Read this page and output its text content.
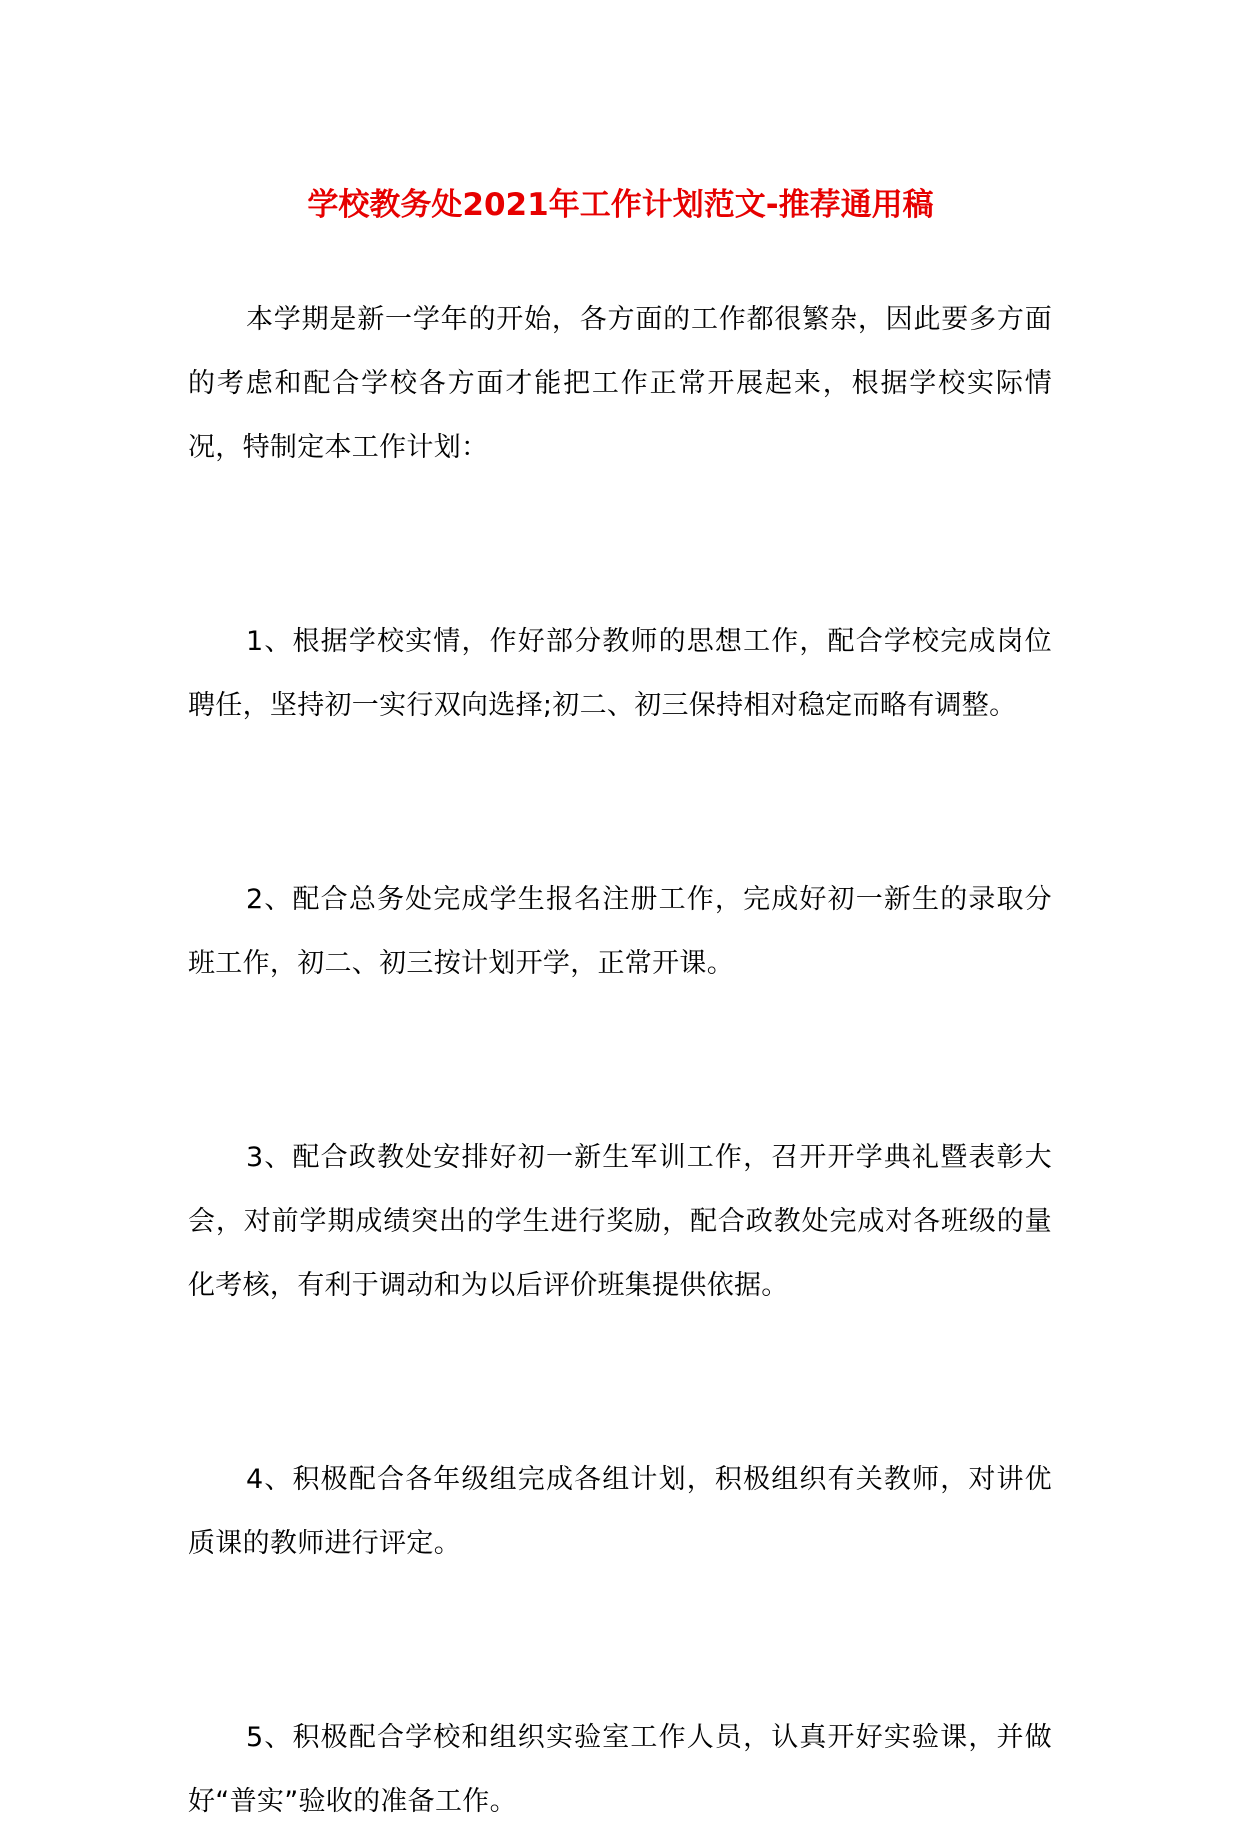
学校教务处2021年工作计划范文-推荐通用稿

本学期是新一学年的开始，各方面的工作都很繁杂，因此要多方面的考虑和配合学校各方面才能把工作正常开展起来，根据学校实际情况，特制定本工作计划：

1、根据学校实情，作好部分教师的思想工作，配合学校完成岗位聘任，坚持初一实行双向选择;初二、初三保持相对稳定而略有调整。

2、配合总务处完成学生报名注册工作，完成好初一新生的录取分班工作，初二、初三按计划开学，正常开课。

3、配合政教处安排好初一新生军训工作，召开开学典礼暨表彰大会，对前学期成绩突出的学生进行奖励，配合政教处完成对各班级的量化考核，有利于调动和为以后评价班集提供依据。

4、积极配合各年级组完成各组计划，积极组织有关教师，对讲优质课的教师进行评定。

5、积极配合学校和组织实验室工作人员，认真开好实验课，并做好“普实”验收的准备工作。
